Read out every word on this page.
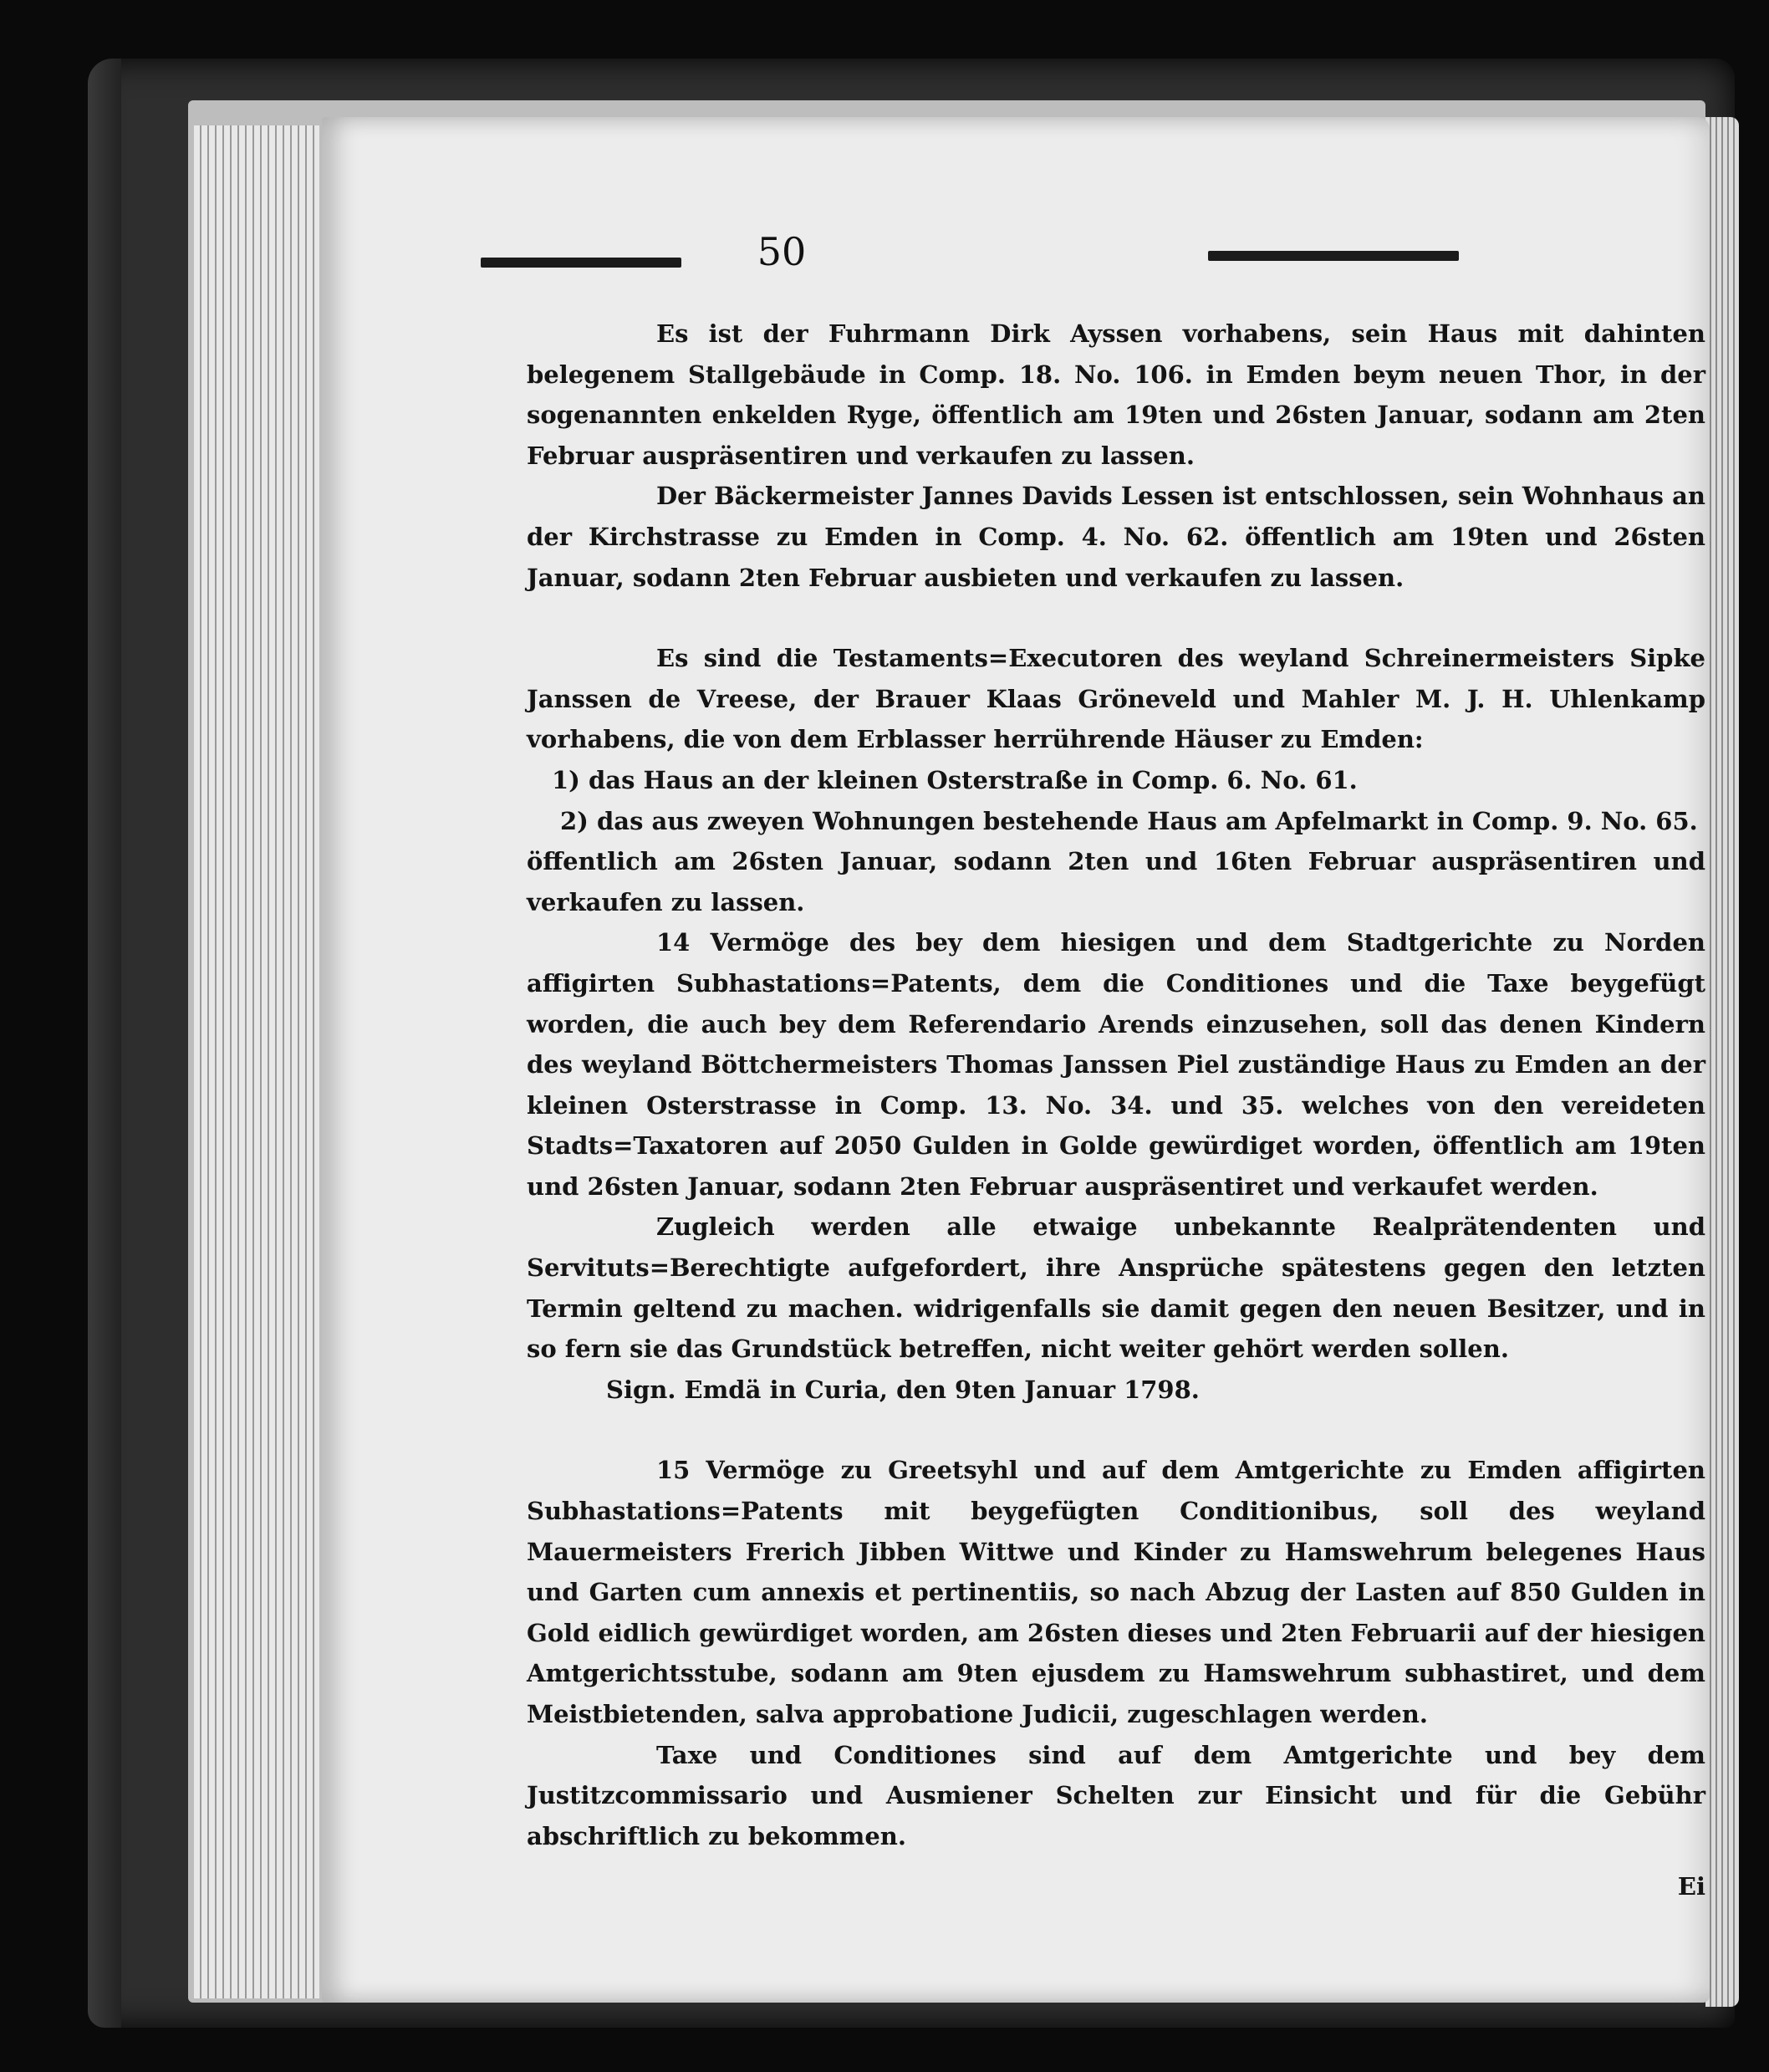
50

Es ist der Fuhrmann Dirk Ayssen vorhabens, sein Haus mit dahinten belegenem Stallgebäude in Comp. 18. No. 106. in Emden beym neuen Thor, in der sogenannten enkelden Ryge, öffentlich am 19ten und 26sten Januar, sodann am 2ten Februar auspräsentiren und verkaufen zu lassen.

Der Bäckermeister Jannes Davids Lessen ist entschlossen, sein Wohnhaus an der Kirchstrasse zu Emden in Comp. 4. No. 62. öffentlich am 19ten und 26sten Januar, sodann 2ten Februar ausbieten und verkaufen zu lassen.

Es sind die Testaments=Executoren des weyland Schreinermeisters Sipke Janssen de Vreese, der Brauer Klaas Gröneveld und Mahler M. J. H. Uhlenkamp vorhabens, die von dem Erblasser herrührende Häuser zu Emden:

1) das Haus an der kleinen Osterstraße in Comp. 6. No. 61.

2) das aus zweyen Wohnungen bestehende Haus am Apfelmarkt in Comp. 9. No. 65.

öffentlich am 26sten Januar, sodann 2ten und 16ten Februar auspräsentiren und verkaufen zu lassen.

14 Vermöge des bey dem hiesigen und dem Stadtgerichte zu Norden affigirten Subhastations=Patents, dem die Conditiones und die Taxe beygefügt worden, die auch bey dem Referendario Arends einzusehen, soll das denen Kindern des weyland Böttchermeisters Thomas Janssen Piel zuständige Haus zu Emden an der kleinen Osterstrasse in Comp. 13. No. 34. und 35. welches von den vereideten Stadts=Taxatoren auf 2050 Gulden in Golde gewürdiget worden, öffentlich am 19ten und 26sten Januar, sodann 2ten Februar auspräsentiret und verkaufet werden.

Zugleich werden alle etwaige unbekannte Realprätendenten und Servituts=Berechtigte aufgefordert, ihre Ansprüche spätestens gegen den letzten Termin geltend zu machen. widrigenfalls sie damit gegen den neuen Besitzer, und in so fern sie das Grundstück betreffen, nicht weiter gehört werden sollen.

Sign. Emdä in Curia, den 9ten Januar 1798.

15 Vermöge zu Greetsyhl und auf dem Amtgerichte zu Emden affigirten Subhastations=Patents mit beygefügten Conditionibus, soll des weyland Mauermeisters Frerich Jibben Wittwe und Kinder zu Hamswehrum belegenes Haus und Garten cum annexis et pertinentiis, so nach Abzug der Lasten auf 850 Gulden in Gold eidlich gewürdiget worden, am 26sten dieses und 2ten Februarii auf der hiesigen Amtgerichtsstube, sodann am 9ten ejusdem zu Hamswehrum subhastiret, und dem Meistbietenden, salva approbatione Judicii, zugeschlagen werden.

Taxe und Conditiones sind auf dem Amtgerichte und bey dem Justitzcommissario und Ausmiener Schelten zur Einsicht und für die Gebühr abschriftlich zu bekommen.

Ei
